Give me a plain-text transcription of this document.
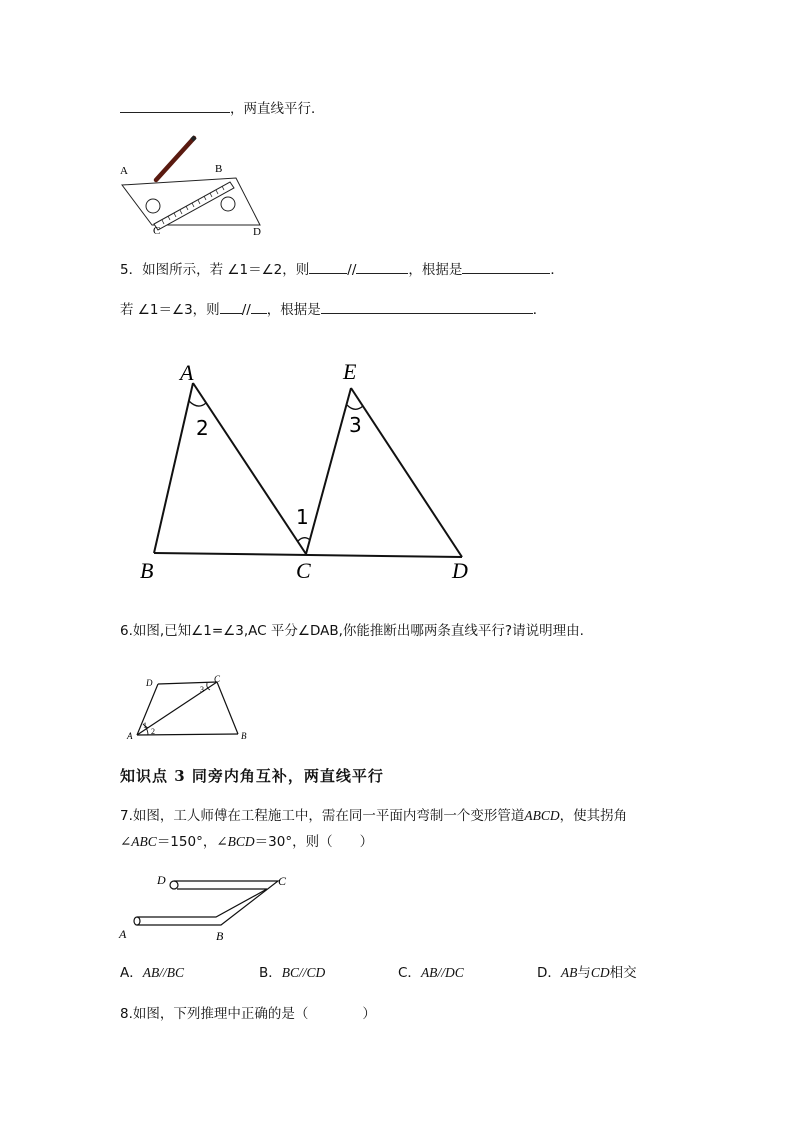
，两直线平行．
A	B
C	D
5．如图所示，若 ∠1＝∠2，则	//	，根据是	．
若 ∠1＝∠3，则 // ，根据是	．
A	E
2	3
1
B	C	D
6.如图,已知∠1=∠3,AC 平分∠DAB,你能推断出哪两条直线平行?请说明理由.
D	C
3
1
2
A	B
知识点 3 同旁内角互补，两直线平行
7.如图，工人师傅在工程施工中，需在同一平面内弯制一个变形管道ABCD，使其拐角
∠ABC＝150°，∠BCD＝30°，则（　　）
D	C
A	B
A．AB//BC	B．BC//CD	C．AB//DC	D．AB与CD相交
8.如图，下列推理中正确的是（　　　　）
